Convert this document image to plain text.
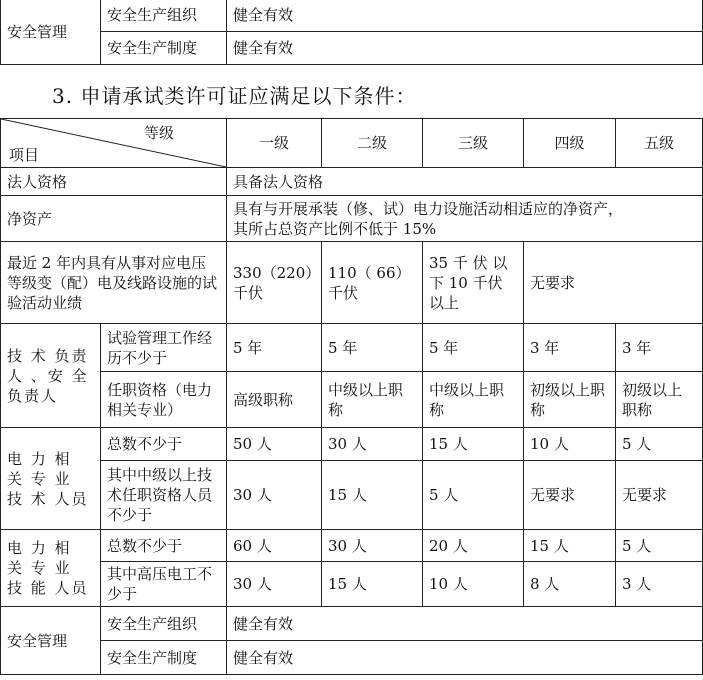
安全管理	安全生产组织	健全有效
	安全生产制度	健全有效
3. 申请承试类许可证应满足以下条件：
等级
项目		一级	二级	三级	四级	五级
法人资格		具备法人资格				
净资产		具有与开展承装（修、试）电力设施活动相适应的净资产，
其所占总资产比例不低于 15%				

最近 2 年内具有从事对应电压等级变（配）电及线路设施的试验活动业绩		330（220）千伏	110（ 66）千伏	35 千 伏 以 下 10 千伏以上	无要求	
技 术 负责 人 、安 全 负责人	试验管理工作经历不少于	5 年	5 年	5 年	3 年	3 年
	任职资格（电力相关专业）	高级职称	中级以上职称	中级以上职称	初级以上职称	初级以上职称
电 力 相 关 专 业 技 术 人员	总数不少于	50 人	30 人	15 人	10 人	5 人
	其中中级以上技术任职资格人员不少于	30 人	15 人	5 人	无要求	无要求
电 力 相 关 专 业 技 能 人员	总数不少于	60 人	30 人	20 人	15 人	5 人
	其中高压电工不少于	30 人	15 人	10 人	8 人	3 人
安全管理	安全生产组织	健全有效				
	安全生产制度	健全有效				
